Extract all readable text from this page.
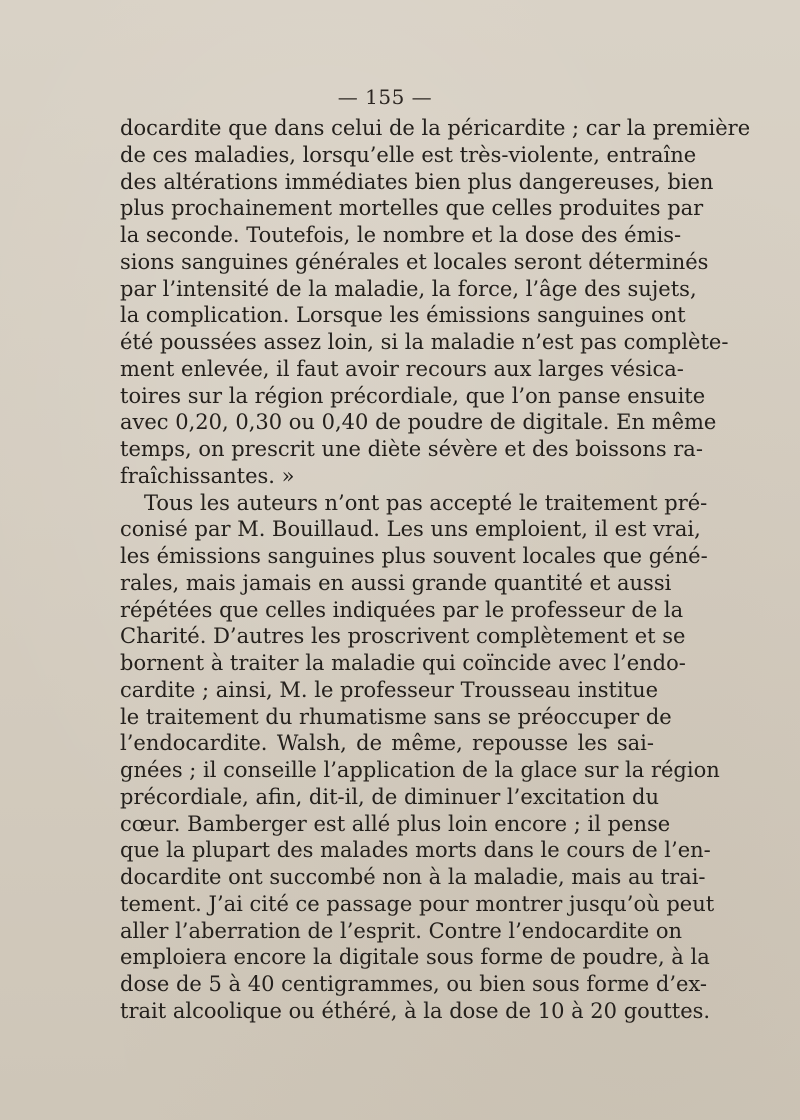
— 155 —
docardite que dans celui de la péricardite ; car la première
de ces maladies, lorsqu’elle est très-violente, entraîne
des altérations immédiates bien plus dangereuses, bien
plus prochainement mortelles que celles produites par
la seconde. Toutefois, le nombre et la dose des émis-
sions sanguines générales et locales seront déterminés
par l’intensité de la maladie, la force, l’âge des sujets,
la complication. Lorsque les émissions sanguines ont
été poussées assez loin, si la maladie n’est pas complète-
ment enlevée, il faut avoir recours aux larges vésica-
toires sur la région précordiale, que l’on panse ensuite
avec 0,20, 0,30 ou 0,40 de poudre de digitale. En même
temps, on prescrit une diète sévère et des boissons ra-
fraîchissantes. »
Tous les auteurs n’ont pas accepté le traitement pré-
conisé par M. Bouillaud. Les uns emploient, il est vrai,
les émissions sanguines plus souvent locales que géné-
rales, mais jamais en aussi grande quantité et aussi
répétées que celles indiquées par le professeur de la
Charité. D’autres les proscrivent complètement et se
bornent à traiter la maladie qui coïncide avec l’endo-
cardite ; ainsi, M. le professeur Trousseau institue
le traitement du rhumatisme sans se préoccuper de
l’endocardite. Walsh, de même, repousse les sai-
gnées ; il conseille l’application de la glace sur la région
précordiale, afin, dit-il, de diminuer l’excitation du
cœur. Bamberger est allé plus loin encore ; il pense
que la plupart des malades morts dans le cours de l’en-
docardite ont succombé non à la maladie, mais au trai-
tement. J’ai cité ce passage pour montrer jusqu’où peut
aller l’aberration de l’esprit. Contre l’endocardite on
emploiera encore la digitale sous forme de poudre, à la
dose de 5 à 40 centigrammes, ou bien sous forme d’ex-
trait alcoolique ou éthéré, à la dose de 10 à 20 gouttes.
